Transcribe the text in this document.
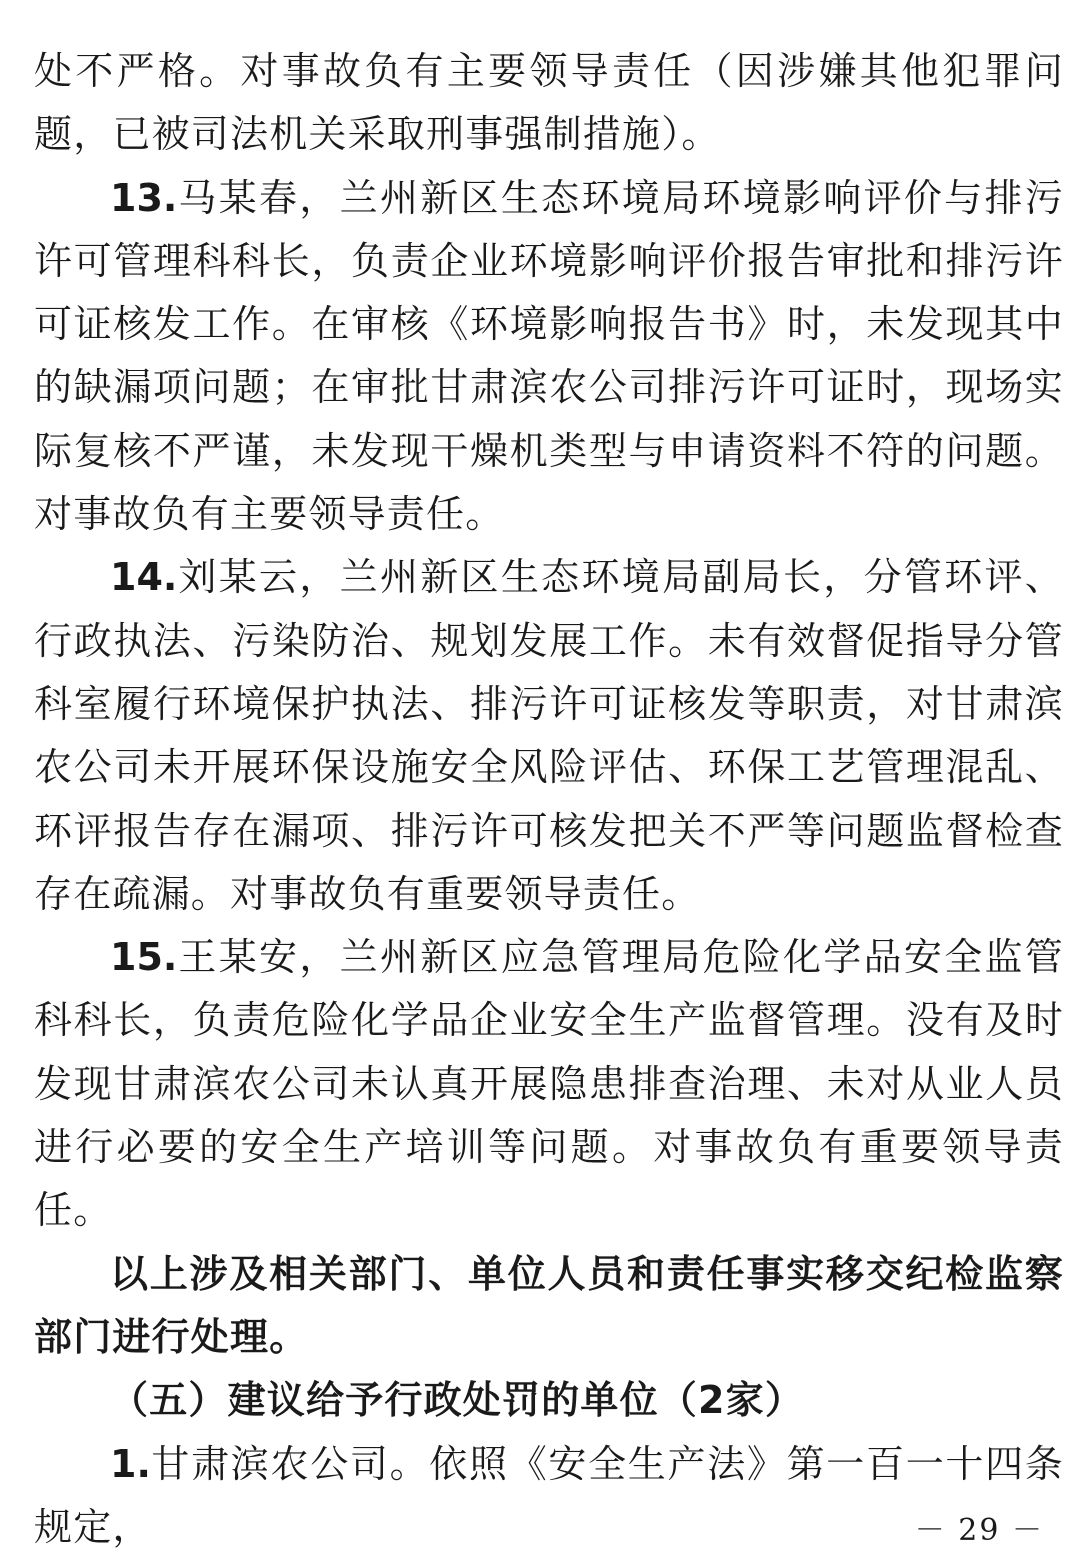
处不严格。对事故负有主要领导责任（因涉嫌其他犯罪问题，已被司法机关采取刑事强制措施）。

13.马某春，兰州新区生态环境局环境影响评价与排污许可管理科科长，负责企业环境影响评价报告审批和排污许可证核发工作。在审核《环境影响报告书》时，未发现其中的缺漏项问题；在审批甘肃滨农公司排污许可证时，现场实际复核不严谨，未发现干燥机类型与申请资料不符的问题。对事故负有主要领导责任。

14.刘某云，兰州新区生态环境局副局长，分管环评、行政执法、污染防治、规划发展工作。未有效督促指导分管科室履行环境保护执法、排污许可证核发等职责，对甘肃滨农公司未开展环保设施安全风险评估、环保工艺管理混乱、环评报告存在漏项、排污许可核发把关不严等问题监督检查存在疏漏。对事故负有重要领导责任。

15.王某安，兰州新区应急管理局危险化学品安全监管科科长，负责危险化学品企业安全生产监督管理。没有及时发现甘肃滨农公司未认真开展隐患排查治理、未对从业人员进行必要的安全生产培训等问题。对事故负有重要领导责任。

以上涉及相关部门、单位人员和责任事实移交纪检监察部门进行处理。

（五）建议给予行政处罚的单位（2家）

1.甘肃滨农公司。依照《安全生产法》第一百一十四条规定，	－ 29 －
